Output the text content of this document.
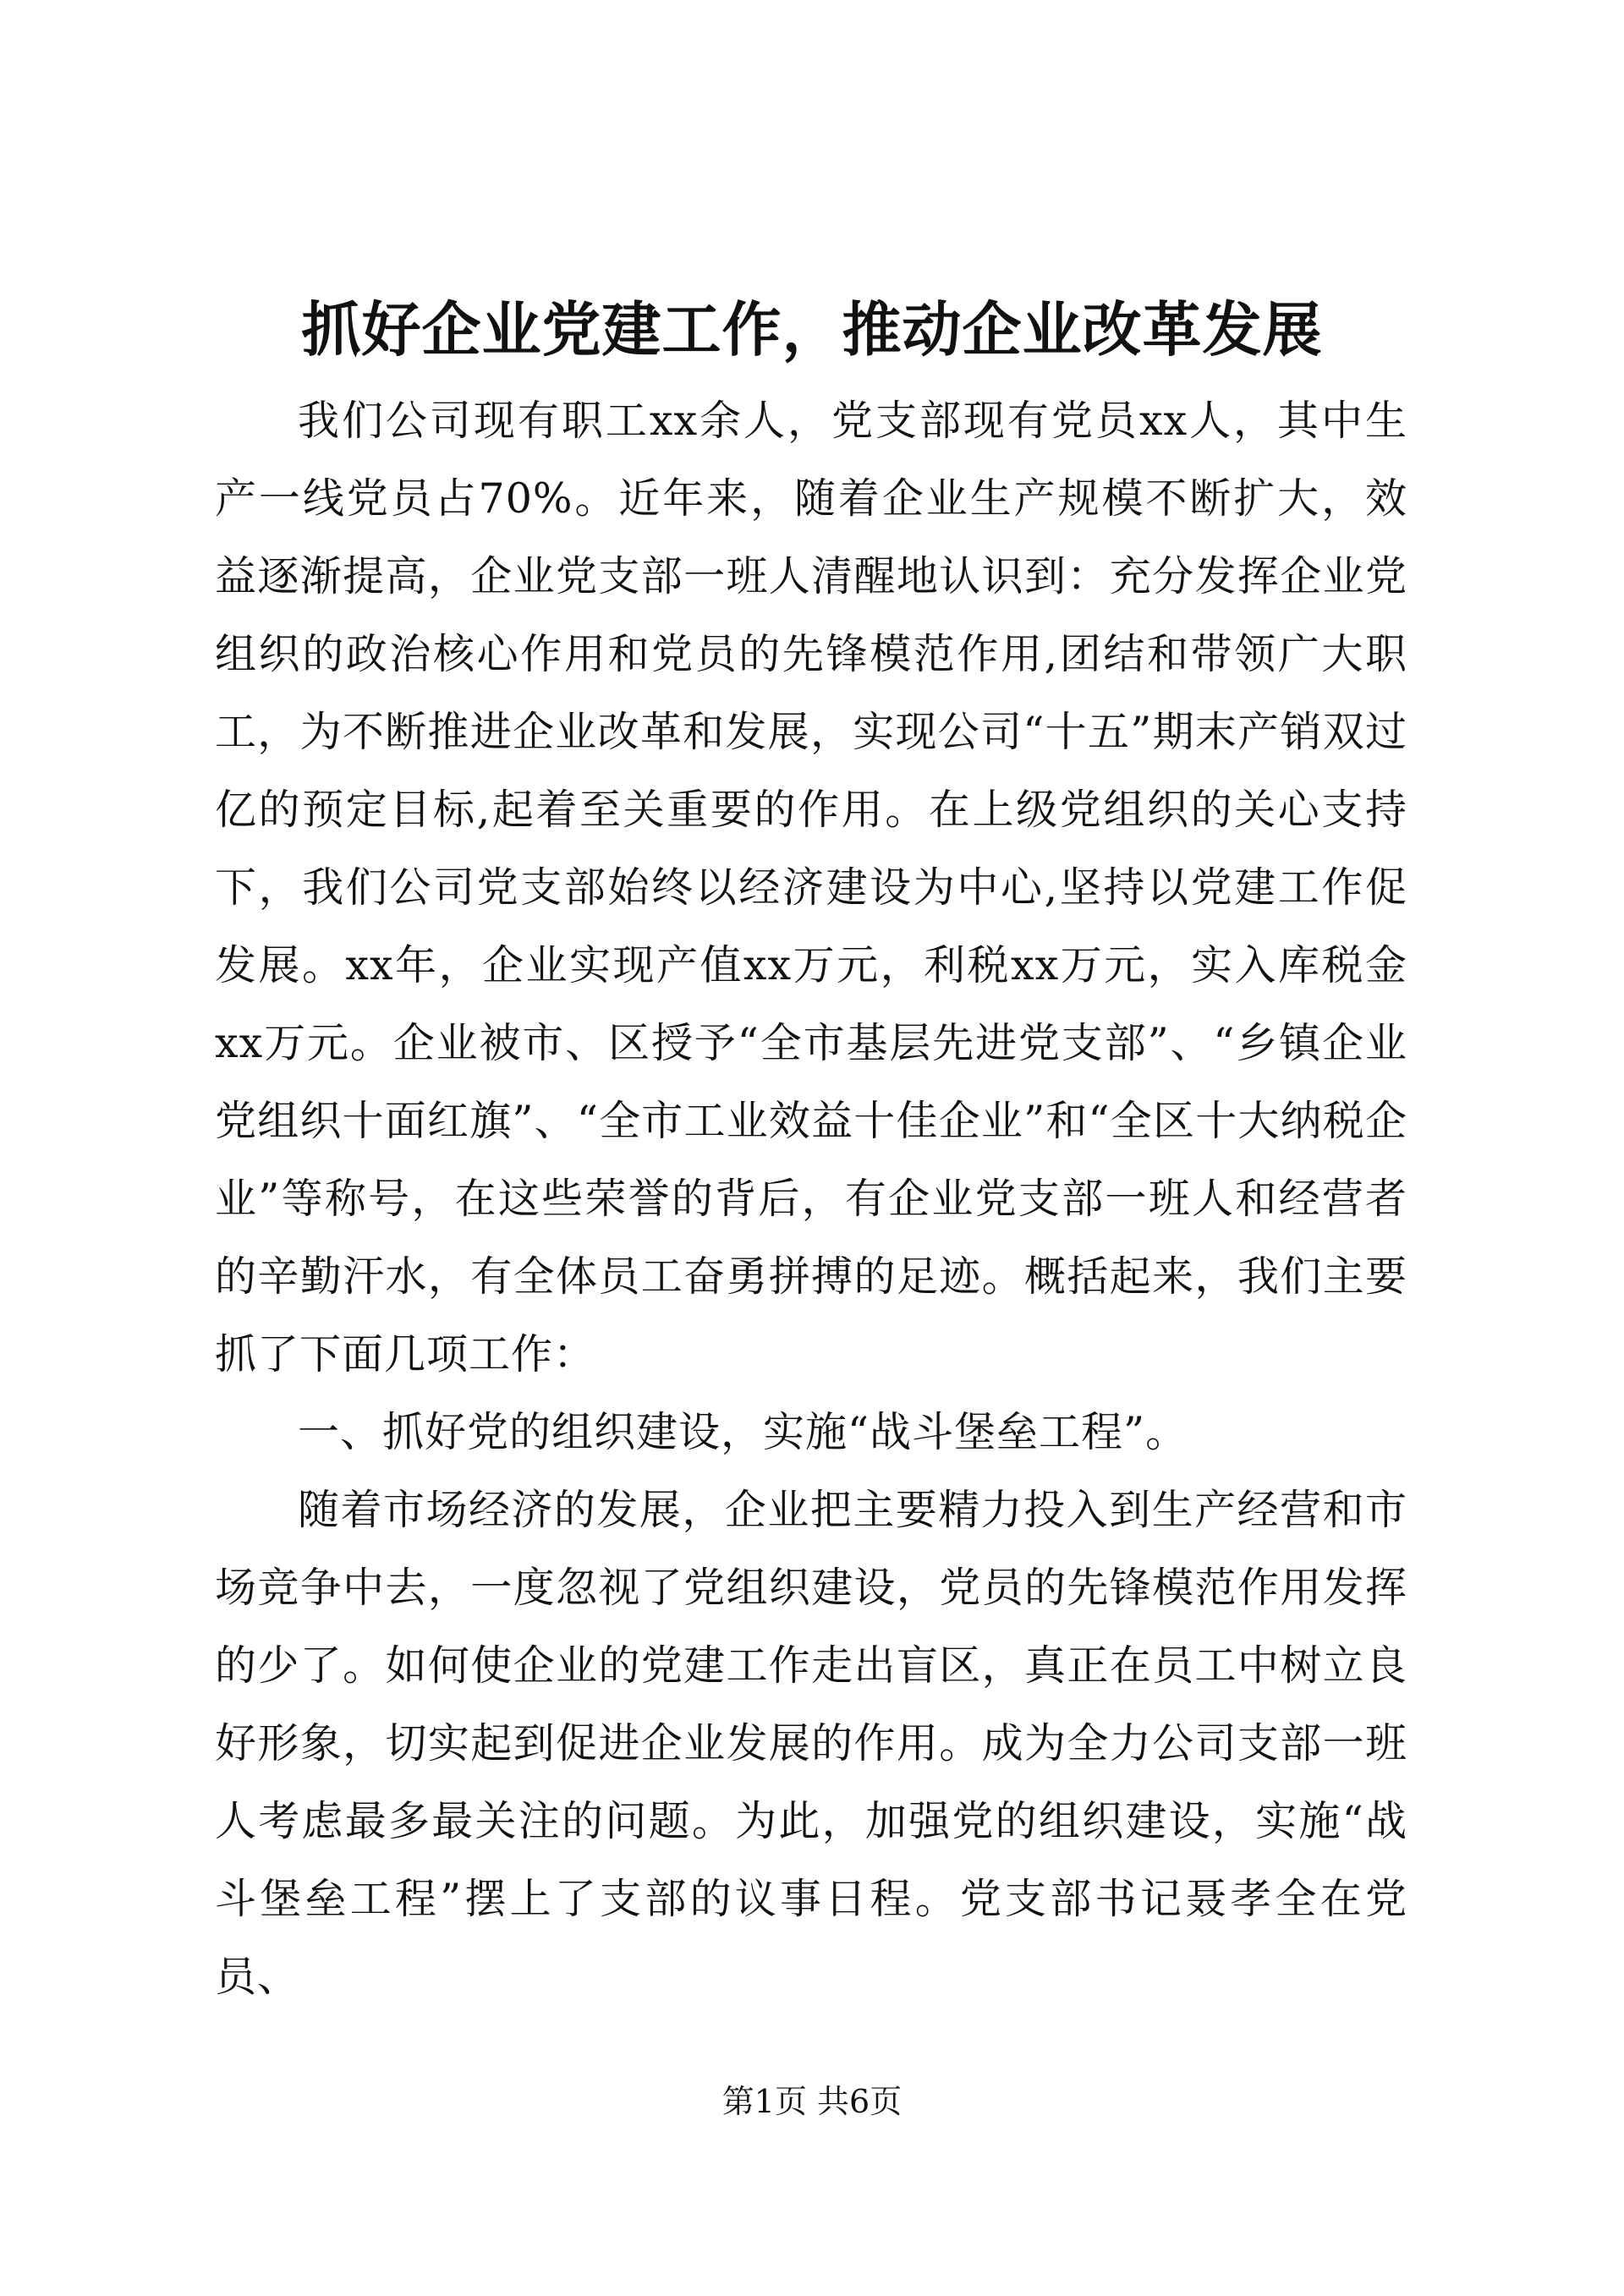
抓好企业党建工作，推动企业改革发展

我们公司现有职工xx余人，党支部现有党员xx人，其中生产一线党员占70%。近年来，随着企业生产规模不断扩大，效益逐渐提高，企业党支部一班人清醒地认识到：充分发挥企业党组织的政治核心作用和党员的先锋模范作用,团结和带领广大职工，为不断推进企业改革和发展，实现公司“十五”期末产销双过亿的预定目标,起着至关重要的作用。在上级党组织的关心支持下，我们公司党支部始终以经济建设为中心,坚持以党建工作促发展。xx年，企业实现产值xx万元，利税xx万元，实入库税金xx万元。企业被市、区授予“全市基层先进党支部”、“乡镇企业党组织十面红旗”、“全市工业效益十佳企业”和“全区十大纳税企业”等称号，在这些荣誉的背后，有企业党支部一班人和经营者的辛勤汗水，有全体员工奋勇拼搏的足迹。概括起来，我们主要抓了下面几项工作：

一、抓好党的组织建设，实施“战斗堡垒工程”。

随着市场经济的发展，企业把主要精力投入到生产经营和市场竞争中去，一度忽视了党组织建设，党员的先锋模范作用发挥的少了。如何使企业的党建工作走出盲区，真正在员工中树立良好形象，切实起到促进企业发展的作用。成为全力公司支部一班人考虑最多最关注的问题。为此，加强党的组织建设，实施“战斗堡垒工程”摆上了支部的议事日程。党支部书记聂孝全在党员、

第1页 共6页
